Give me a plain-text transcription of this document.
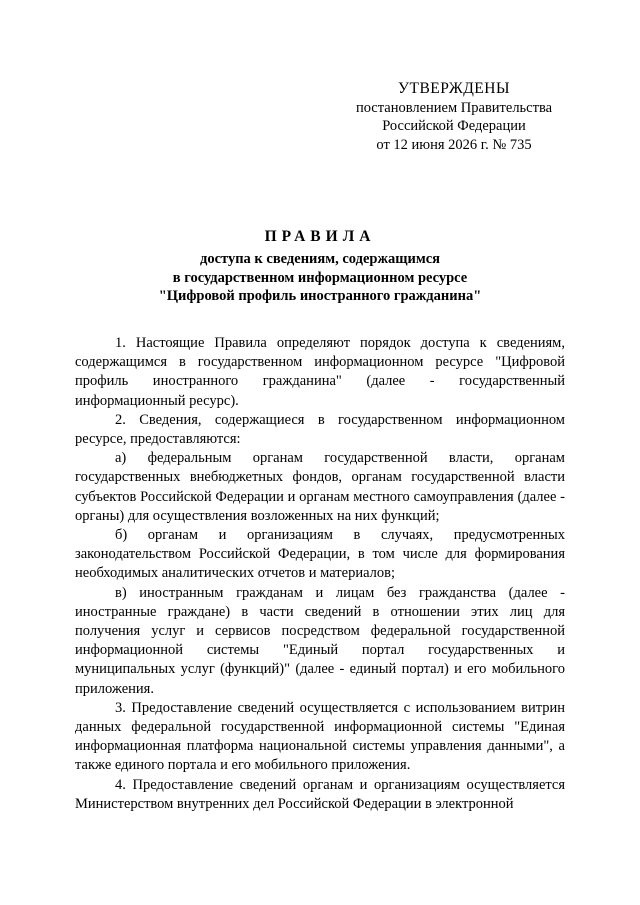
УТВЕРЖДЕНЫ
постановлением Правительства
Российской Федерации
от 12 июня 2026 г. № 735
ПРАВИЛА
доступа к сведениям, содержащимся
в государственном информационном ресурсе
"Цифровой профиль иностранного гражданина"

1. Настоящие Правила определяют порядок доступа к сведениям, содержащимся в государственном информационном ресурсе "Цифровой профиль иностранного гражданина" (далее - государственный информационный ресурс).

2. Сведения, содержащиеся в государственном информационном ресурсе, предоставляются:

а) федеральным органам государственной власти, органам государственных внебюджетных фондов, органам государственной власти субъектов Российской Федерации и органам местного самоуправления (далее - органы) для осуществления возложенных на них функций;

б) органам и организациям в случаях, предусмотренных законодательством Российской Федерации, в том числе для формирования необходимых аналитических отчетов и материалов;

в) иностранным гражданам и лицам без гражданства (далее - иностранные граждане) в части сведений в отношении этих лиц для получения услуг и сервисов посредством федеральной государственной информационной системы "Единый портал государственных и муниципальных услуг (функций)" (далее - единый портал) и его мобильного приложения.

3. Предоставление сведений осуществляется с использованием витрин данных федеральной государственной информационной системы "Единая информационная платформа национальной системы управления данными", а также единого портала и его мобильного приложения.

4. Предоставление сведений органам и организациям осуществляется Министерством внутренних дел Российской Федерации в электронной
